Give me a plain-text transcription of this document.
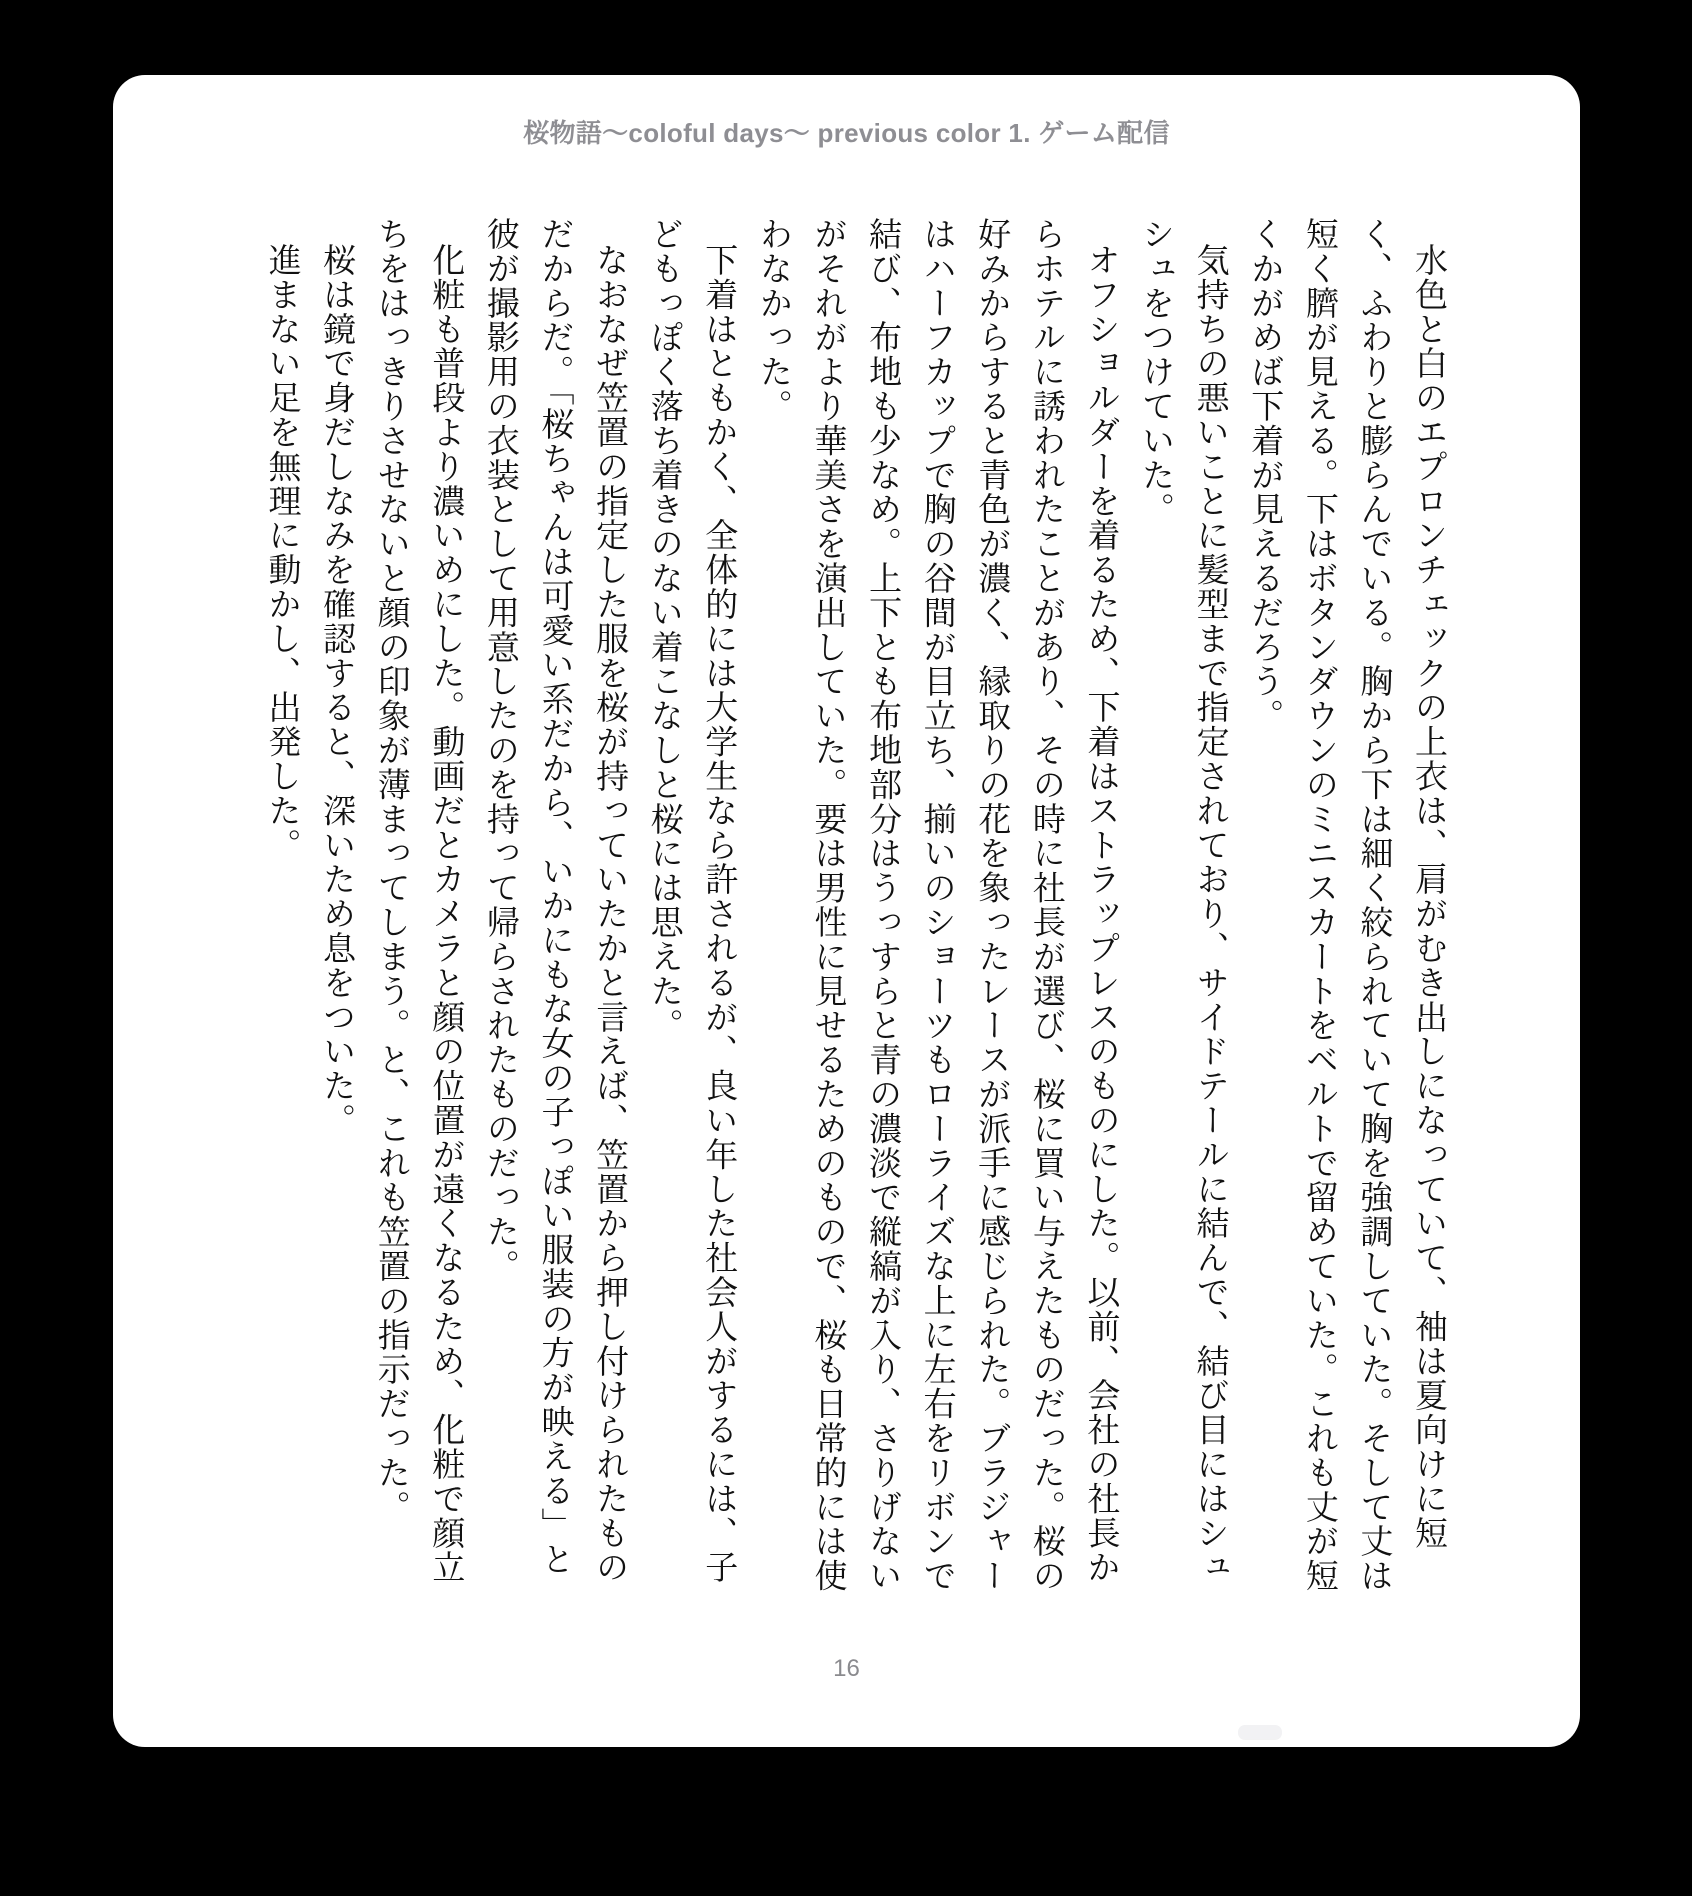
桜物語〜coloful days〜 previous color 1. ゲーム配信

水色と白のエプロンチェックの上衣は、肩がむき出しになっていて、袖は夏向けに短く、ふわりと膨らんでいる。胸から下は細く絞られていて胸を強調していた。そして丈は短く臍が見える。下はボタンダウンのミニスカートをベルトで留めていた。これも丈が短くかがめば下着が見えるだろう。

気持ちの悪いことに髪型まで指定されており、サイドテールに結んで、結び目にはシュシュをつけていた。

オフショルダーを着るため、下着はストラップレスのものにした。以前、会社の社長からホテルに誘われたことがあり、その時に社長が選び、桜に買い与えたものだった。桜の好みからすると青色が濃く、縁取りの花を象ったレースが派手に感じられた。ブラジャーはハーフカップで胸の谷間が目立ち、揃いのショーツもローライズな上に左右をリボンで結び、布地も少なめ。上下とも布地部分はうっすらと青の濃淡で縦縞が入り、さりげないがそれがより華美さを演出していた。要は男性に見せるためのもので、桜も日常的には使わなかった。

下着はともかく、全体的には大学生なら許されるが、良い年した社会人がするには、子どもっぽく落ち着きのない着こなしと桜には思えた。

なおなぜ笠置の指定した服を桜が持っていたかと言えば、笠置から押し付けられたものだからだ。「桜ちゃんは可愛い系だから、いかにもな女の子っぽい服装の方が映える」と彼が撮影用の衣装として用意したのを持って帰らされたものだった。

化粧も普段より濃いめにした。動画だとカメラと顔の位置が遠くなるため、化粧で顔立ちをはっきりさせないと顔の印象が薄まってしまう。と、これも笠置の指示だった。

桜は鏡で身だしなみを確認すると、深いため息をついた。

進まない足を無理に動かし、出発した。

16
